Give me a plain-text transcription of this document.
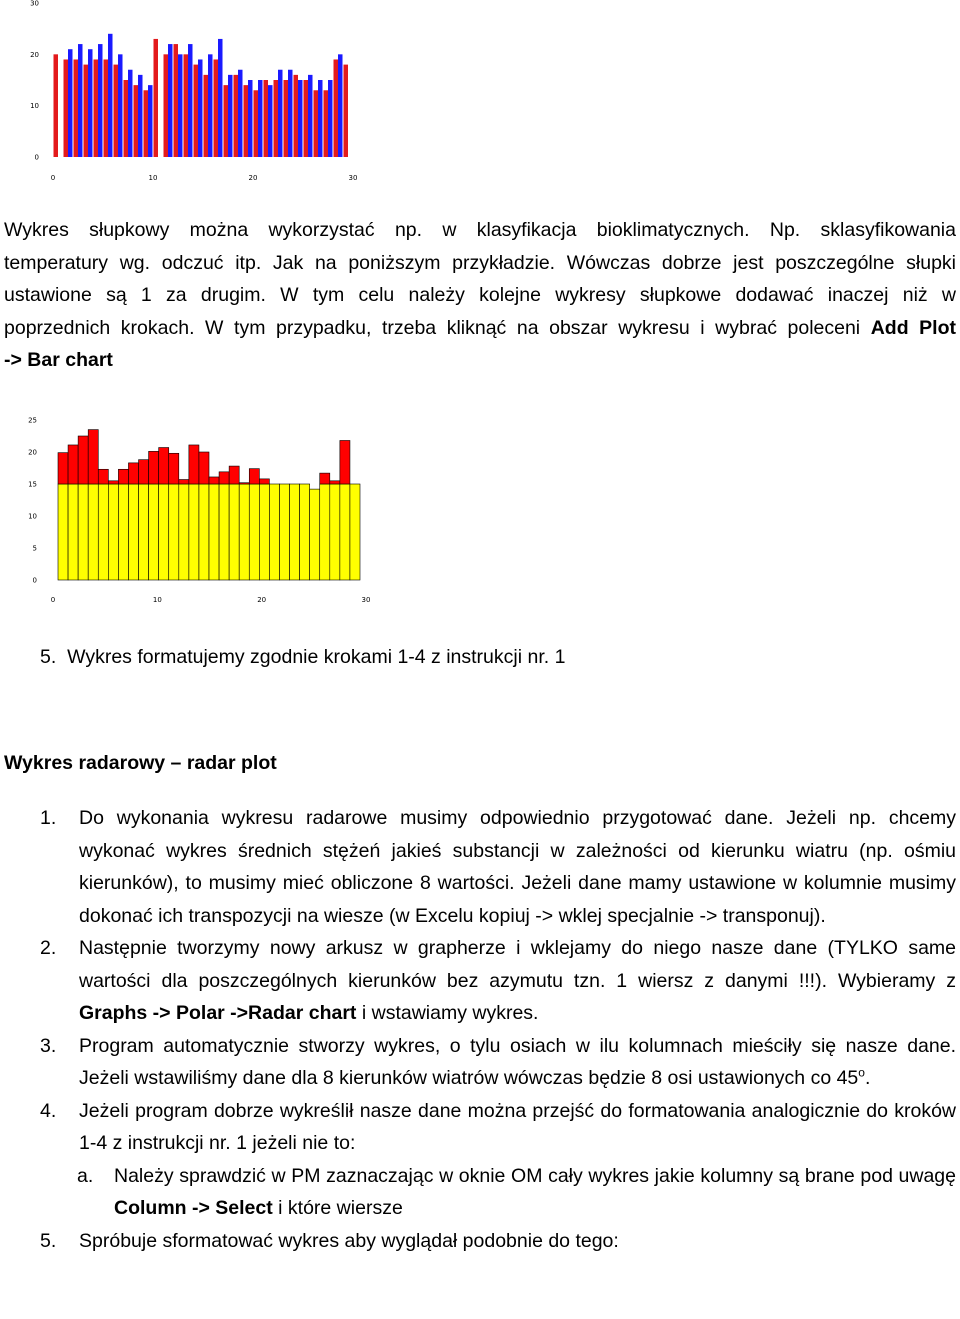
0
10
20
30
0	10	20	30
Wykres słupkowy można wykorzystać np. w klasyfikacja bioklimatycznych. Np. sklasyfikowania
temperatury wg. odczuć itp. Jak na poniższym przykładzie. Wówczas dobrze jest poszczególne słupki
ustawione są 1 za drugim. W tym celu należy kolejne wykresy słupkowe dodawać inaczej niż w
poprzednich krokach. W tym przypadku, trzeba kliknąć na obszar wykresu i wybrać poleceni Add Plot
-> Bar chart
0
5
10
15
20
25
0	10	20	30
5. Wykres formatujemy zgodnie krokami 1-4 z instrukcji nr. 1
Wykres radarowy – radar plot
1. Do wykonania wykresu radarowe musimy odpowiednio przygotować dane. Jeżeli np. chcemy wykonać wykres średnich stężeń jakieś substancji w zależności od kierunku wiatru (np. ośmiu kierunków), to musimy mieć obliczone 8 wartości. Jeżeli dane mamy ustawione w kolumnie musimy dokonać ich transpozycji na wiesze (w Excelu kopiuj -> wklej specjalnie -> transponuj).
2. Następnie tworzymy nowy arkusz w grapherze i wklejamy do niego nasze dane (TYLKO same wartości dla poszczególnych kierunków bez azymutu tzn. 1 wiersz z danymi !!!). Wybieramy z Graphs -> Polar ->Radar chart i wstawiamy wykres.
3. Program automatycznie stworzy wykres, o tylu osiach w ilu kolumnach mieściły się nasze dane. Jeżeli wstawiliśmy dane dla 8 kierunków wiatrów wówczas będzie 8 osi ustawionych co 45$^o$.
4. Jeżeli program dobrze wykreślił nasze dane można przejść do formatowania analogicznie do kroków 1-4 z instrukcji nr. 1 jeżeli nie to:
a. Należy sprawdzić w PM zaznaczając w oknie OM cały wykres jakie kolumny są brane pod uwagę Column -> Select i które wiersze
5. Spróbuje sformatować wykres aby wyglądał podobnie do tego:
